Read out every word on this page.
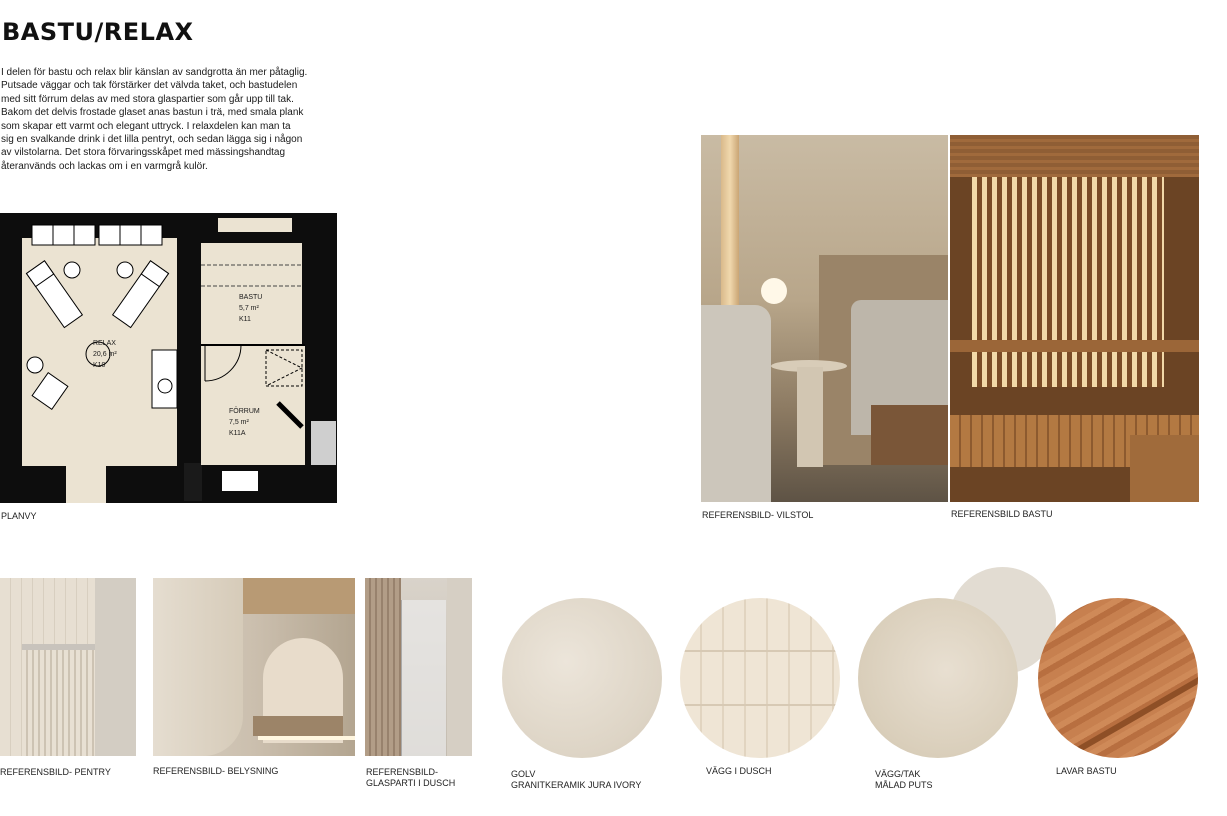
BASTU/RELAX
I delen för bastu och relax blir känslan av sandgrotta än mer påtaglig.
Putsade väggar och tak förstärker det välvda taket, och bastudelen
med sitt förrum delas av med stora glaspartier som går upp till tak.
Bakom det delvis frostade glaset anas bastun i trä, med smala plank
som skapar ett varmt och elegant uttryck. I relaxdelen kan man ta
sig en svalkande drink i det lilla pentryt, och sedan lägga sig i någon
av vilstolarna. Det stora förvaringsskåpet med mässingshandtag
återanvänds och lackas om i en varmgrå kulör.
BASTU
5,7 m²
K11
RELAX
20,6 m²
K10
FÖRRUM
7,5 m²
K11A
PLANVY	REFERENSBILD- VILSTOL	REFERENSBILD BASTU
REFERENSBILD- PENTRY	REFERENSBILD- BELYSNING	REFERENSBILD-
GLASPARTI I DUSCH
GOLV
GRANITKERAMIK JURA IVORY
VÄGG I DUSCH	VÄGG/TAK
MÅLAD PUTS
LAVAR BASTU
